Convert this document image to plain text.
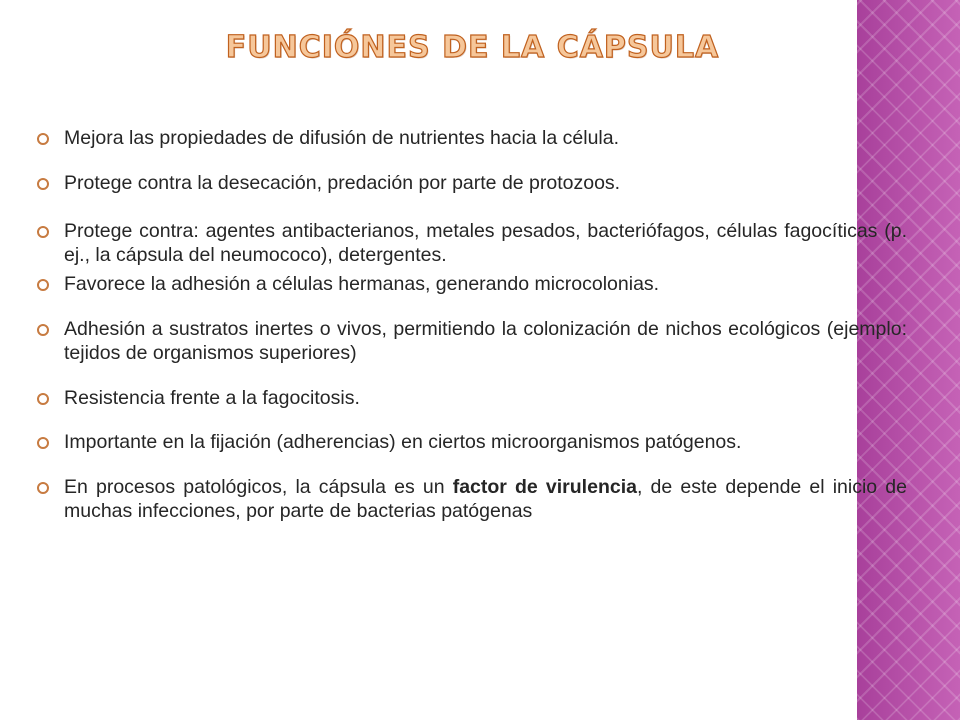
FUNCIÓNES DE LA CÁPSULA
Mejora las propiedades de difusión de nutrientes hacia la célula.
Protege contra la desecación, predación por parte de protozoos.
Protege contra: agentes antibacterianos, metales pesados, bacteriófagos, células fagocíticas (p. ej., la cápsula del neumococo), detergentes.
Favorece la adhesión a células hermanas, generando microcolonias.
Adhesión a sustratos inertes o vivos, permitiendo la colonización de nichos ecológicos (ejemplo: tejidos de organismos superiores)
Resistencia frente a la fagocitosis.
Importante en la fijación (adherencias) en ciertos microorganismos patógenos.
En procesos patológicos, la cápsula es un factor de virulencia, de este depende el inicio de muchas infecciones, por parte de bacterias patógenas
